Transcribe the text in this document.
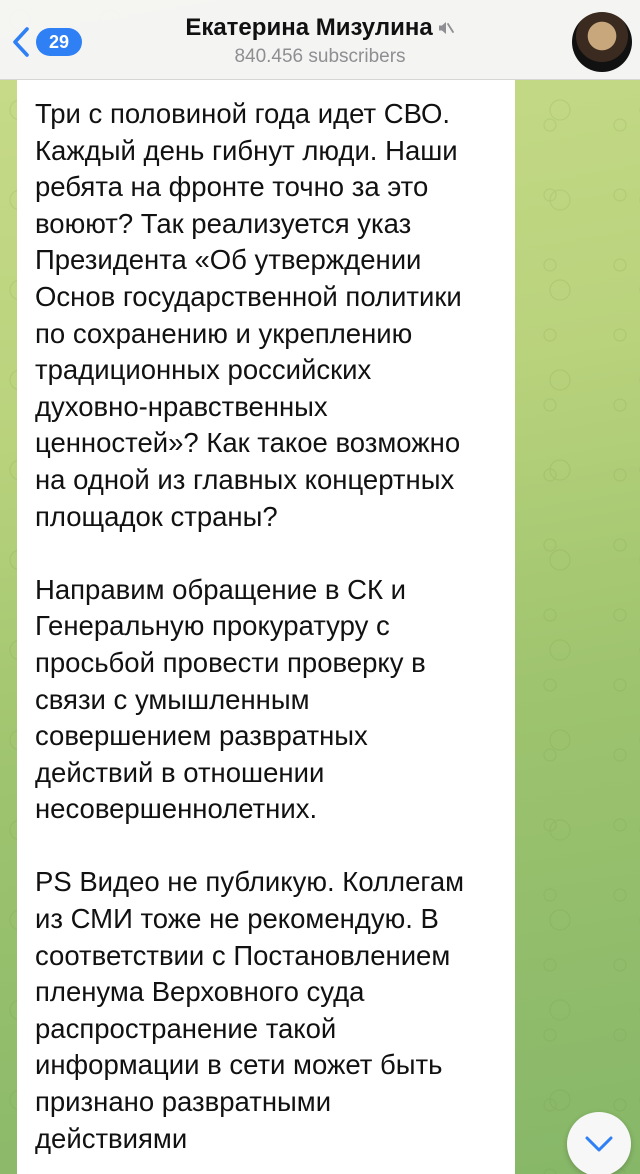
29
Екатерина Мизулина
840.456 subscribers
Три с половиной года идет СВО.
Каждый день гибнут люди. Наши
ребята на фронте точно за это
воюют? Так реализуется указ
Президента «Об утверждении
Основ государственной политики
по сохранению и укреплению
традиционных российских
духовно-нравственных
ценностей»? Как такое возможно
на одной из главных концертных
площадок страны?
Направим обращение в СК и
Генеральную прокуратуру с
просьбой провести проверку в
связи с умышленным
совершением развратных
действий в отношении
несовершеннолетних.
PS Видео не публикую. Коллегам
из СМИ тоже не рекомендую. В
соответствии с Постановлением
пленума Верховного суда
распространение такой
информации в сети может быть
признано развратными
действиями
